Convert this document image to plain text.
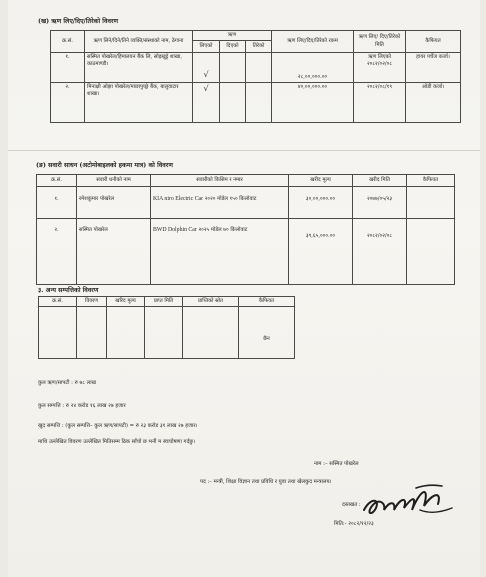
(ख) ऋण लिए/दिए/तिरेको विवरण
क्र.सं.	ऋण लिने/दिने/तिने व्यक्ति/संस्थाको नाम, ठेगाना	ऋण			ऋण लिए/दिए/तिरेको रकम	ऋण लिए/ दिए/तिरेको मिति	कैफियत
		लिएको	दिएको	तिरेको			
१.	सस्मित पोखरेल/हिमालयन बैंक लि, सोह्रखुट्टे शाखा, काठमाण्डौ।	√			२८,००,०००.००	ऋण लिएको २०८२/०२/०८	हायर पर्चेज कर्जा।
२.	मिनाक्षी ओझा पोखरेल/माछापुच्छ्रे बैंक, बालुवाटार शाखा।	√			४०,००,०००.००	२०८२/०८/१९	ओडी कर्जा।
(ङ) सवारी साधन (अटोमोबाइलको हकमा मात्र) को विवरण
क्र.सं.	सवारी धनीको नाम	सवारीको किसिम र नम्बर	खरीद मूल्य	खरीद मिति	कैफियत
१.	रमेशकुमार पोखरेल	KIA niro Electric Car २०२० मोडेल १५० किलोवाट	३०,००,०००.००	२०७७/०५/२३	
२.	सस्मित पोखरेल	BWD Dolphin Car २०२५ मोडेल ७० किलोवाट	३९,६५,०००.००	२०८२/०२/०८	
३. अन्य सम्पत्तिको विवरण
क्र.सं.	विवरण	खरिद मूल्य	प्राप्त मिति	प्राप्तिको स्रोत	कैफियत
					छैन
कुल ऋण/सापटी : रु ७८ लाख
कुल सम्पत्ति : रु २४ करोड १६ लाख २७ हजार
खुद सम्पत्ति : (कुल सम्पत्ति– कुल ऋण/सापटी) = रु २३ करोड ३१ लाख २७ हजार।
माथि उल्लेखित विवरण उल्लेखित मितिसम्म ठिक साँचो छ भनी म स्वःघोषणा गर्दछु।
नाम :– सस्मित पोखरेल
पद :– मन्त्री, शिक्षा विज्ञान तथा प्रविधि र युवा तथा खेलकुद मन्त्रालय।
दस्तखत :
मिति:- २०८२/१२/२३
